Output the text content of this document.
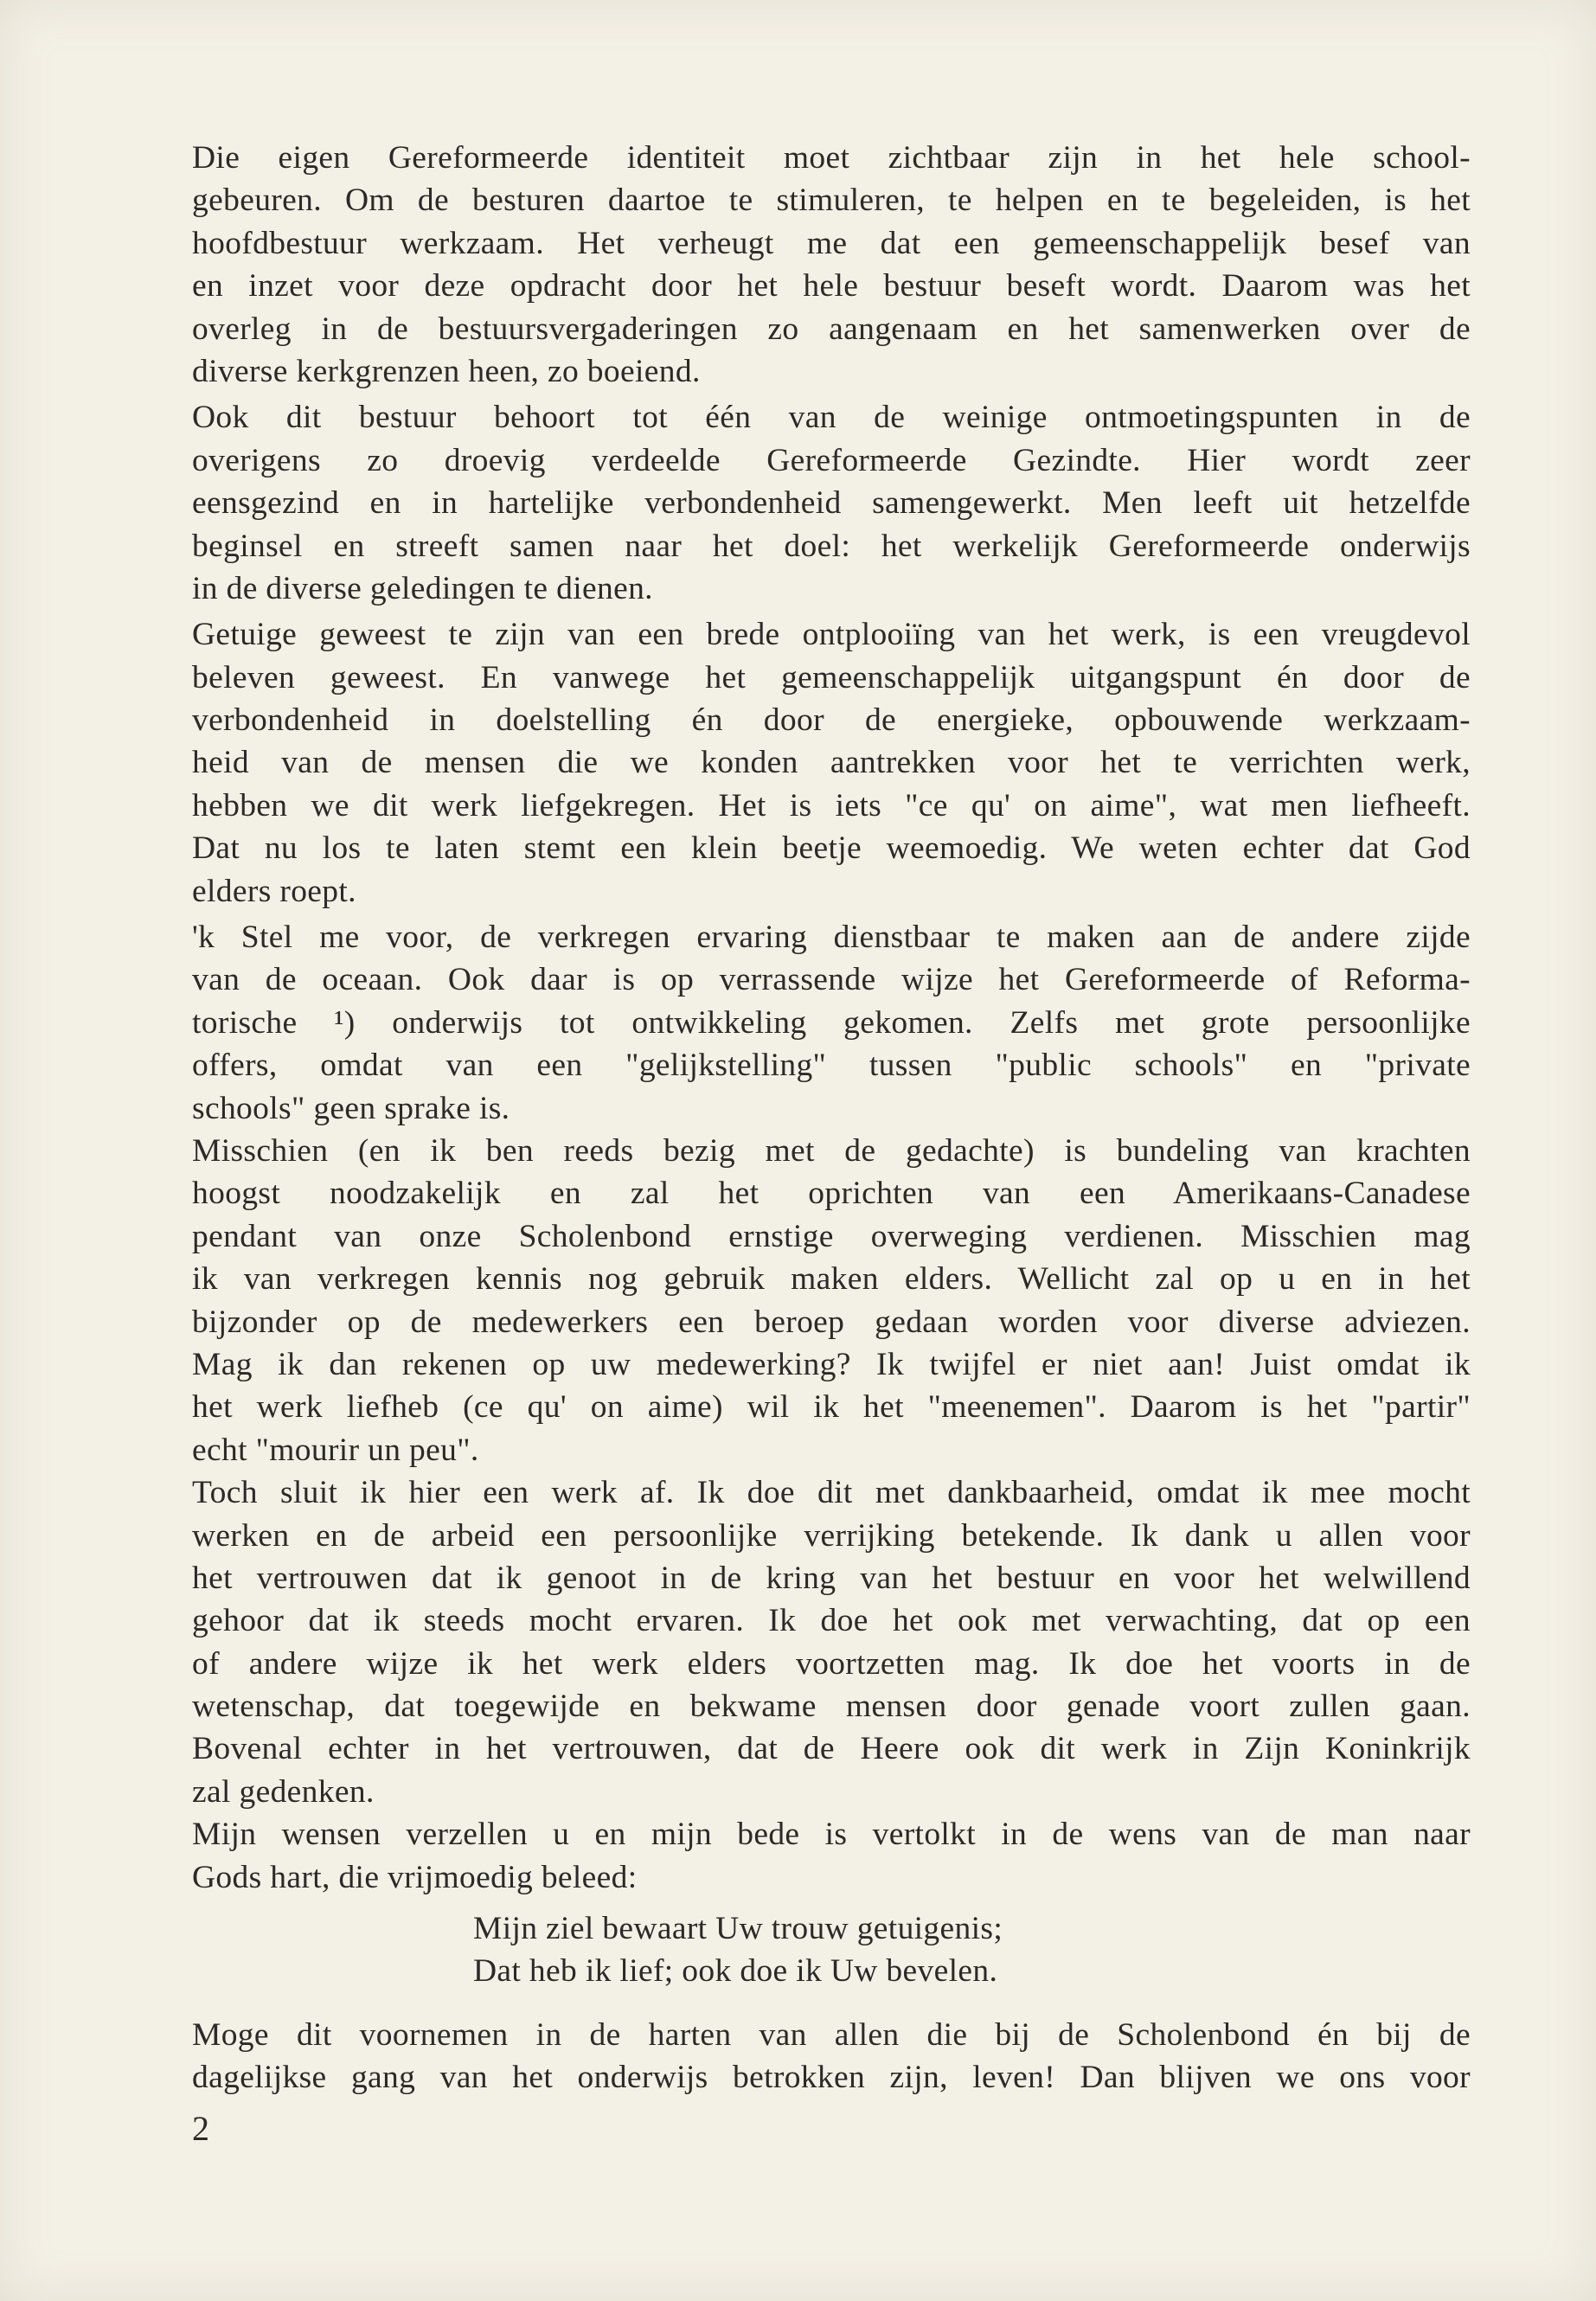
Die eigen Gereformeerde identiteit moet zichtbaar zijn in het hele school-
gebeuren. Om de besturen daartoe te stimuleren, te helpen en te begeleiden, is het
hoofdbestuur werkzaam. Het verheugt me dat een gemeenschappelijk besef van
en inzet voor deze opdracht door het hele bestuur beseft wordt. Daarom was het
overleg in de bestuursvergaderingen zo aangenaam en het samenwerken over de
diverse kerkgrenzen heen, zo boeiend.
Ook dit bestuur behoort tot één van de weinige ontmoetingspunten in de
overigens zo droevig verdeelde Gereformeerde Gezindte. Hier wordt zeer
eensgezind en in hartelijke verbondenheid samengewerkt. Men leeft uit hetzelfde
beginsel en streeft samen naar het doel: het werkelijk Gereformeerde onderwijs
in de diverse geledingen te dienen.
Getuige geweest te zijn van een brede ontplooiïng van het werk, is een vreugdevol
beleven geweest. En vanwege het gemeenschappelijk uitgangspunt én door de
verbondenheid in doelstelling én door de energieke, opbouwende werkzaam-
heid van de mensen die we konden aantrekken voor het te verrichten werk,
hebben we dit werk liefgekregen. Het is iets "ce qu' on aime", wat men liefheeft.
Dat nu los te laten stemt een klein beetje weemoedig. We weten echter dat God
elders roept.
'k Stel me voor, de verkregen ervaring dienstbaar te maken aan de andere zijde
van de oceaan. Ook daar is op verrassende wijze het Gereformeerde of Reforma-
torische ¹) onderwijs tot ontwikkeling gekomen. Zelfs met grote persoonlijke
offers, omdat van een "gelijkstelling" tussen "public schools" en "private
schools" geen sprake is.
Misschien (en ik ben reeds bezig met de gedachte) is bundeling van krachten
hoogst noodzakelijk en zal het oprichten van een Amerikaans-Canadese
pendant van onze Scholenbond ernstige overweging verdienen. Misschien mag
ik van verkregen kennis nog gebruik maken elders. Wellicht zal op u en in het
bijzonder op de medewerkers een beroep gedaan worden voor diverse adviezen.
Mag ik dan rekenen op uw medewerking? Ik twijfel er niet aan! Juist omdat ik
het werk liefheb (ce qu' on aime) wil ik het "meenemen". Daarom is het "partir"
echt "mourir un peu".
Toch sluit ik hier een werk af. Ik doe dit met dankbaarheid, omdat ik mee mocht
werken en de arbeid een persoonlijke verrijking betekende. Ik dank u allen voor
het vertrouwen dat ik genoot in de kring van het bestuur en voor het welwillend
gehoor dat ik steeds mocht ervaren. Ik doe het ook met verwachting, dat op een
of andere wijze ik het werk elders voortzetten mag. Ik doe het voorts in de
wetenschap, dat toegewijde en bekwame mensen door genade voort zullen gaan.
Bovenal echter in het vertrouwen, dat de Heere ook dit werk in Zijn Koninkrijk
zal gedenken.
Mijn wensen verzellen u en mijn bede is vertolkt in de wens van de man naar
Gods hart, die vrijmoedig beleed:
Mijn ziel bewaart Uw trouw getuigenis;
Dat heb ik lief; ook doe ik Uw bevelen.
Moge dit voornemen in de harten van allen die bij de Scholenbond én bij de
dagelijkse gang van het onderwijs betrokken zijn, leven! Dan blijven we ons voor
2
